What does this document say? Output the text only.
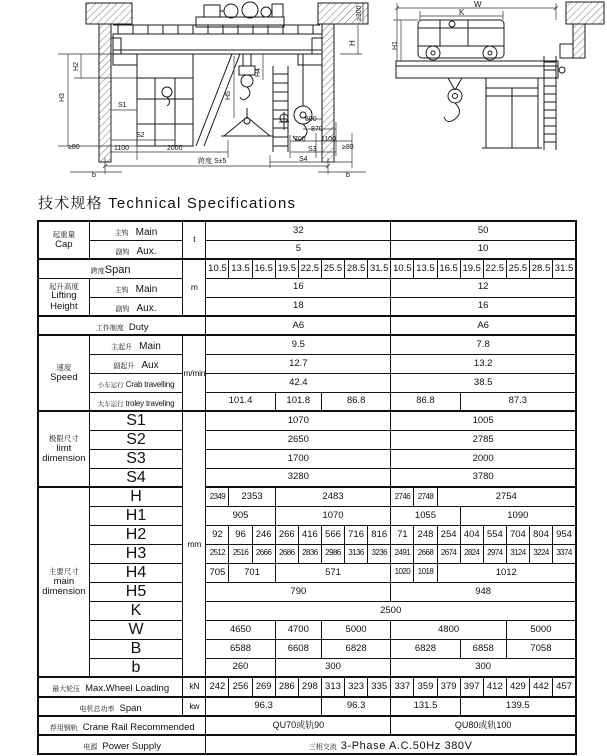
H3
H2
S1
S2
1100	2000
≥80
b
跨度 S±5
H5
H4
600
870
700 1100
S3
S4
≥80
b
H
≥300
W
K
H1
技术规格 Technical Specifications
起重量
Cap	主钩 Main	t	32								50							
	副钩 Aux.		5								10							
跨度Span		m	10.5	13.5	16.5	19.5	22.5	25.5	28.5	31.5	10.5	13.5	16.5	19.5	22.5	25.5	28.5	31.5
起升高度
Lifting
Height	主钩 Main		16								12							
	副钩 Aux.		18								16							
工作制度 Duty			A6								A6							
速度
Speed	主起升 Main	m/min	9.5								7.8							
	副起升 Aux		12.7								13.2							
	小车运行 Crab travelling		42.4								38.5							
	大车运行 troley traveling		101.4			101.8		86.8			86.8			87.3				
极限尺寸
limt
dimension	S1	mm	1070								1005							
	S2		2650								2785							
	S3		1700								2000							
	S4		3280								3780							
主要尺寸
main
dimension	H		2349	2353		2483					2746	2748	2754					
	H1		905			1070					1055			1090				
	H2		92	96	246	266	416	566	716	816	71	248	254	404	554	704	804	954
	H3		2512	2516	2666	2686	2836	2986	3136	3236	2491	2668	2674	2824	2974	3124	3224	3374
	H4		705	701		571					1020	1018	1012					
	H5		790								948							
	K		2500															
	W		4650			4700		5000			4800					5000		
	B		6588			6608		6828			6828			6858		7058		
	b		260			300					300							
最大轮压 Max.Wheel Loading		kN	242	256	269	286	298	313	323	335	337	359	379	397	412	429	442	457
电机总功率 Span		kw	96.3					96.3			131.5			139.5				
荐用钢轨 Crane Rail Recommended			QU70或轨90								QU80或轨100							
电源 Power Supply			三相交流 3-Phase A.C.50Hz 380V															
